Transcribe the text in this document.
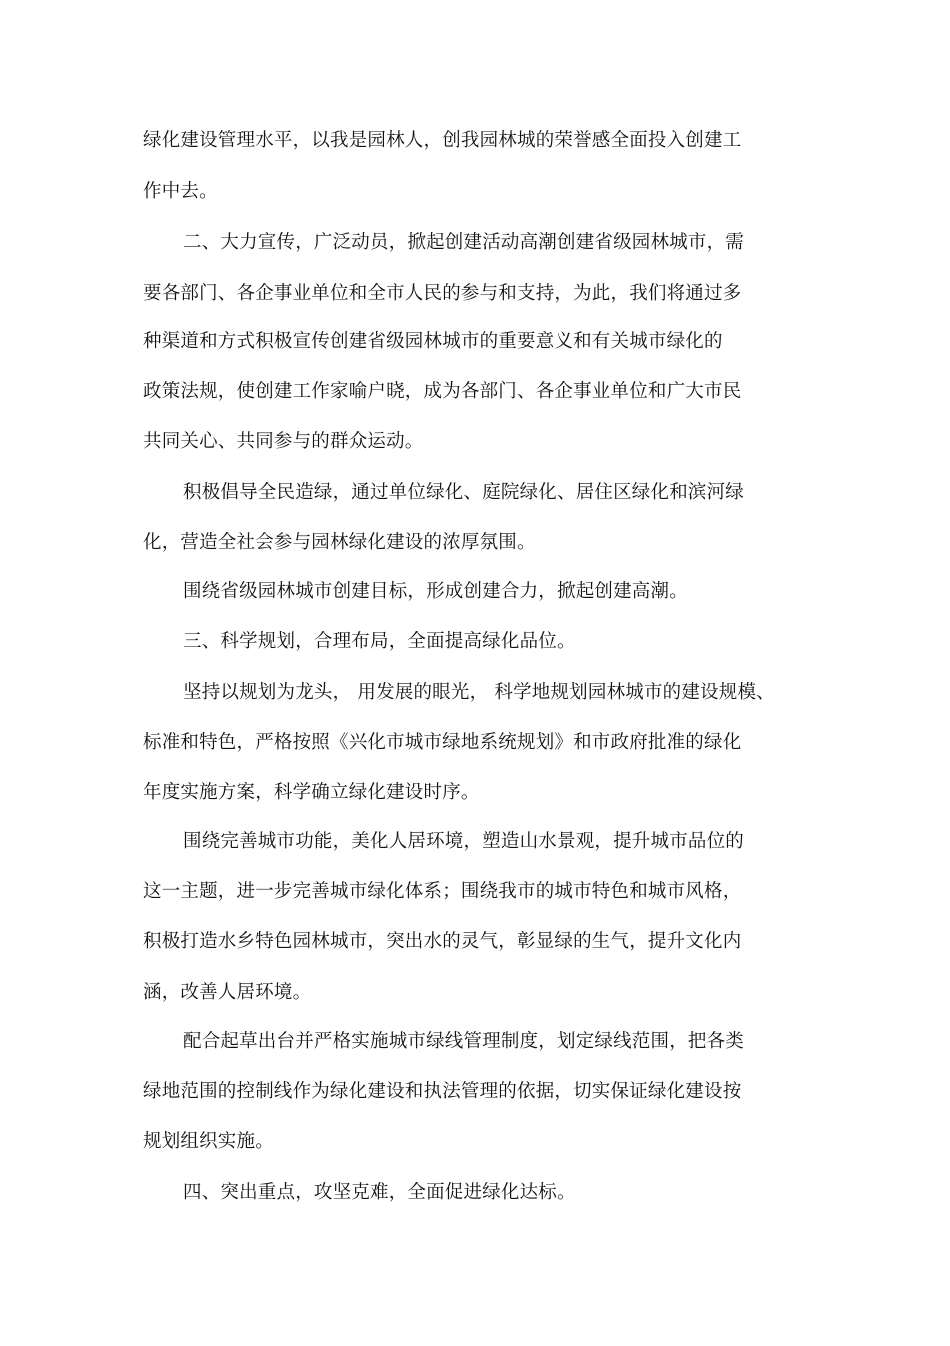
绿化建设管理水平，以我是园林人，创我园林城的荣誉感全面投入创建工
作中去。
二、大力宣传，广泛动员，掀起创建活动高潮创建省级园林城市，需
要各部门、各企事业单位和全市人民的参与和支持，为此，我们将通过多
种渠道和方式积极宣传创建省级园林城市的重要意义和有关城市绿化的
政策法规，使创建工作家喻户晓，成为各部门、各企事业单位和广大市民
共同关心、共同参与的群众运动。
积极倡导全民造绿，通过单位绿化、庭院绿化、居住区绿化和滨河绿
化，营造全社会参与园林绿化建设的浓厚氛围。
围绕省级园林城市创建目标，形成创建合力，掀起创建高潮。
三、科学规划，合理布局，全面提高绿化品位。
坚持以规划为龙头， 用发展的眼光， 科学地规划园林城市的建设规模、
标准和特色，严格按照《兴化市城市绿地系统规划》和市政府批准的绿化
年度实施方案，科学确立绿化建设时序。
围绕完善城市功能，美化人居环境，塑造山水景观，提升城市品位的
这一主题，进一步完善城市绿化体系；围绕我市的城市特色和城市风格，
积极打造水乡特色园林城市，突出水的灵气，彰显绿的生气，提升文化内
涵，改善人居环境。
配合起草出台并严格实施城市绿线管理制度，划定绿线范围，把各类
绿地范围的控制线作为绿化建设和执法管理的依据，切实保证绿化建设按
规划组织实施。
四、突出重点，攻坚克难，全面促进绿化达标。
